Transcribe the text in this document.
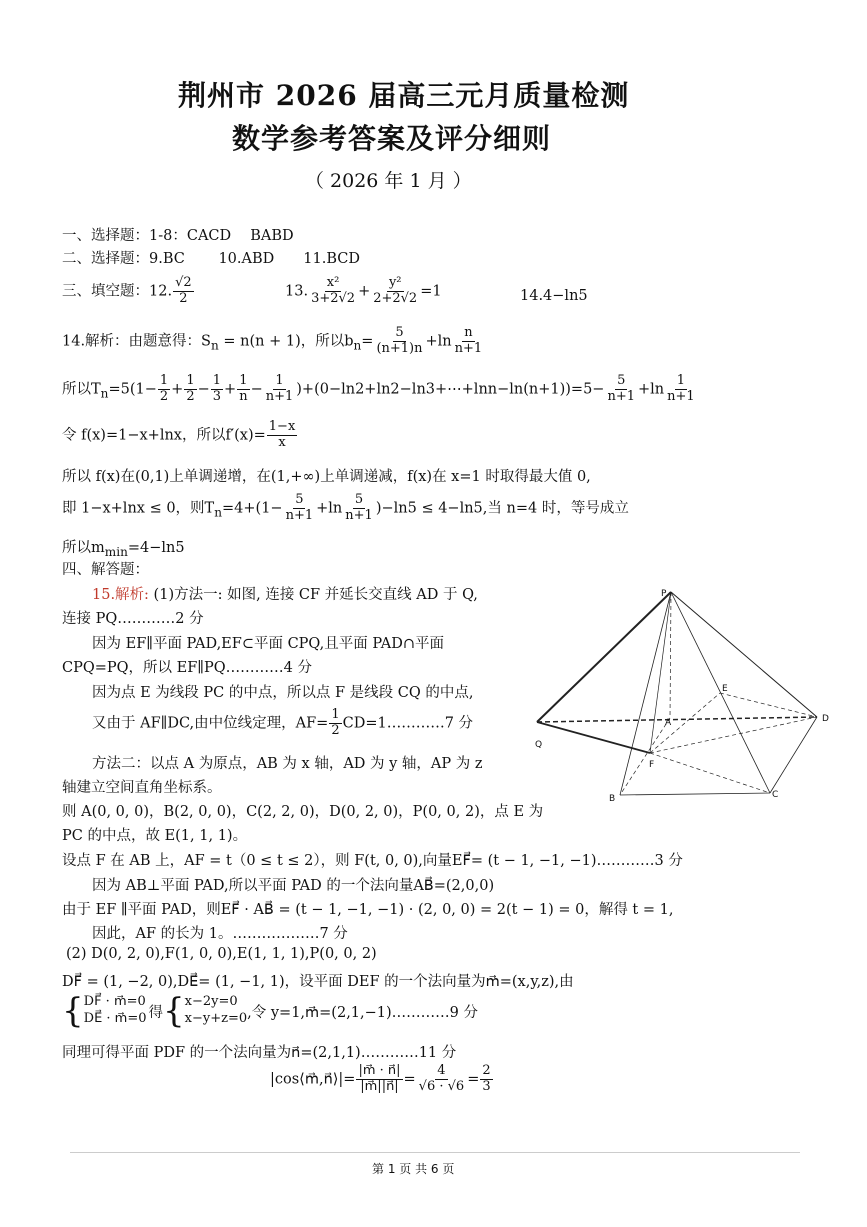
荆州市 2026 届高三元月质量检测
数学参考答案及评分细则
（ 2026 年 1 月 ）
一、选择题：1-8：CACD　 BABD
二、选择题：9.BC　　 10.ABD　　11.BCD
三、填空题：12. $\frac{√2}{2}$	13. $\frac{\text{x²}}{3+2√2} + \frac{\text{y²}}{2+2√2} =1$	14.4−ln5
14.解析：由题意得：$S_n = n(n + 1)$，所以$b_n= \frac{5}{(n+1)n} +\ln \frac{n}{n+1}$
所以$T_n=5(1- \frac{1}{2} + \frac{1}{2} - \frac{1}{3} + \frac{1}{n} - \frac{1}{n+1}$ )+(0−ln2+ln2−ln3+⋯+lnn−ln(n+1))=5− $\frac{5}{n+1} +\ln \frac{1}{n+1}$
令 f(x)=1−x+lnx，所以$f'(x)= \frac{1-x}{x}$
所以 f(x)在(0,1)上单调递增，在(1,+∞)上单调递减，f(x)在 x=1 时取得最大值 0,
即 1−x+lnx ≤ 0，则$T_n=4+(1- \frac{5}{n+1} +\ln \frac{5}{n+1} )-\ln 5 \le 4-\ln 5$,当 n=4 时，等号成立
所以$m_{min}=4-\ln 5$
四、解答题：
15.解析: (1)方法一: 如图, 连接 CF 并延长交直线 AD 于 Q,
连接 PQ…………2 分
因为 EF∥平面 PAD,EF⊂平面 CPQ,且平面 PAD∩平面
CPQ=PQ，所以 EF∥PQ…………4 分
因为点 E 为线段 PC 的中点，所以点 F 是线段 CQ 的中点,
又由于 AF∥DC,由中位线定理，$AF= \frac{1}{2}$ CD=1…………7 分
方法二：以点 A 为原点，AB 为 x 轴，AD 为 y 轴，AP 为 z
轴建立空间直角坐标系。
则 A(0, 0, 0)，B(2, 0, 0)，C(2, 2, 0)，D(0, 2, 0)，P(0, 0, 2)，点 E 为
PC 的中点，故 E(1, 1, 1)。
设点 F 在 AB 上，AF = t（0 ≤ t ≤ 2），则 F(t, 0, 0),向量EF⃗= (t − 1, −1, −1)…………3 分
因为 AB⊥平面 PAD,所以平面 PAD 的一个法向量AB⃗=(2,0,0)
由于 EF ∥平面 PAD，则EF⃗ · AB⃗ = (t − 1, −1, −1) · (2, 0, 0) = 2(t − 1) = 0，解得 t = 1,
因此，AF 的长为 1。………………7 分
(2) D(0, 2, 0),F(1, 0, 0),E(1, 1, 1),P(0, 0, 2)
DF⃗ = (1, −2, 0),DE⃗= (1, −1, 1)，设平面 DEF 的一个法向量为m⃗=(x,y,z),由
{ DF⃗ · m⃗=0
DE⃗ · m⃗=0 得 { x−2y=0
x−y+z=0 ,令 y=1,m⃗=(2,1,−1)…………9 分
同理可得平面 PDF 的一个法向量为n⃗=(2,1,1)…………11 分
|cos⟨m⃗,n⃗⟩|= $\frac{|m⃗ \cdot n⃗|}{|m⃗||n⃗|} = \frac{4}{√6 \cdot √6} = \frac{2}{3}$
P
E
D
Q
A
F
B	C
第 1 页 共 6 页
